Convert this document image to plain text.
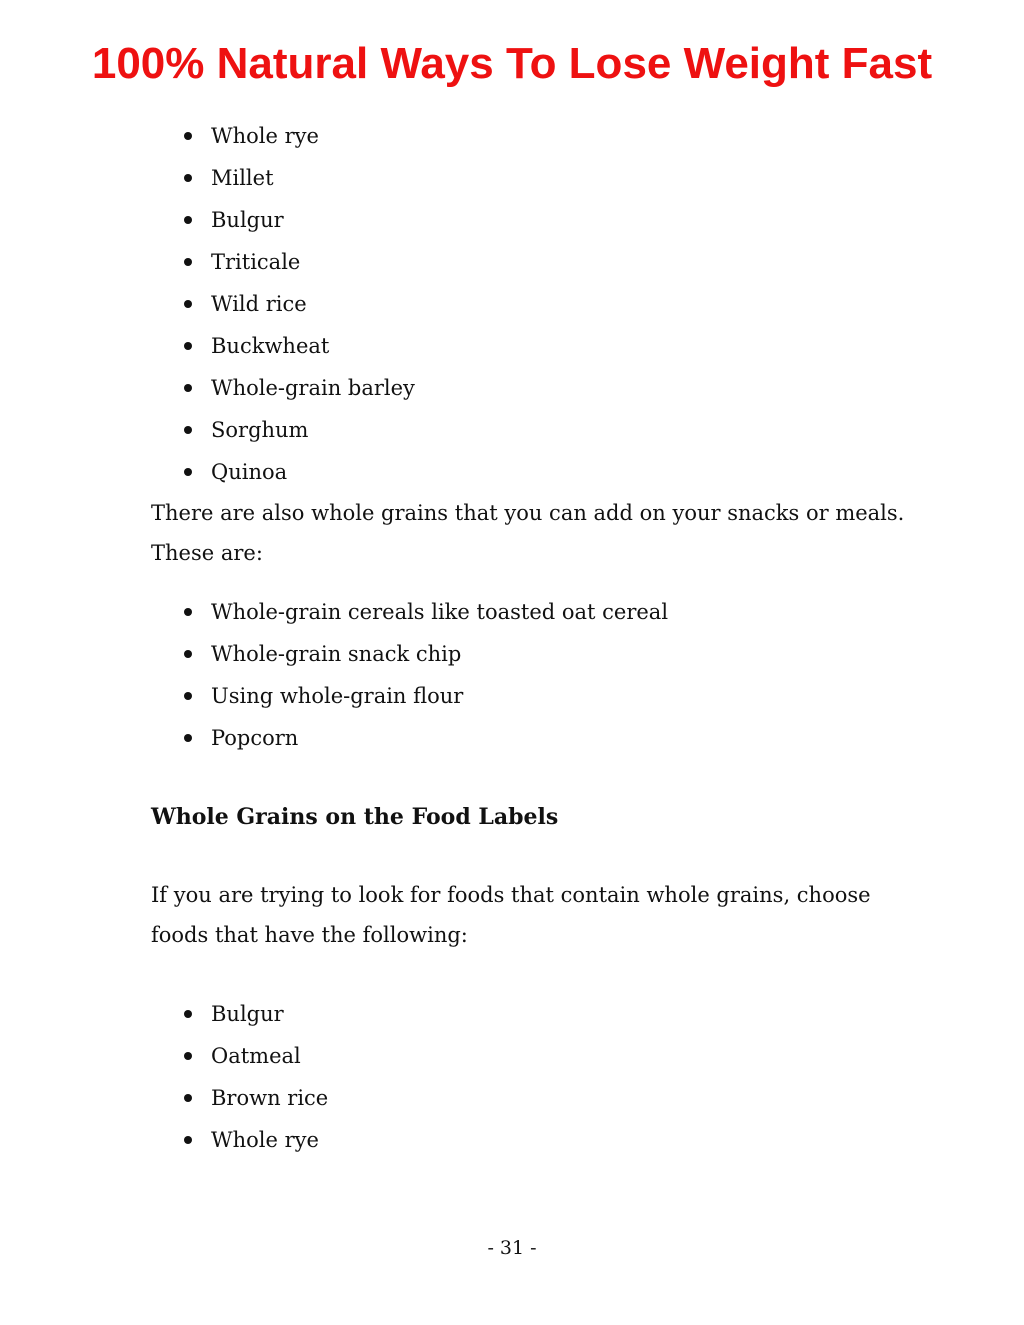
100% Natural Ways To Lose Weight Fast
Whole rye
Millet
Bulgur
Triticale
Wild rice
Buckwheat
Whole-grain barley
Sorghum
Quinoa

There are also whole grains that you can add on your snacks or meals.
These are:

Whole-grain cereals like toasted oat cereal
Whole-grain snack chip
Using whole-grain flour
Popcorn
Whole Grains on the Food Labels

If you are trying to look for foods that contain whole grains, choose
foods that have the following:

Bulgur
Oatmeal
Brown rice
Whole rye
- 31 -
